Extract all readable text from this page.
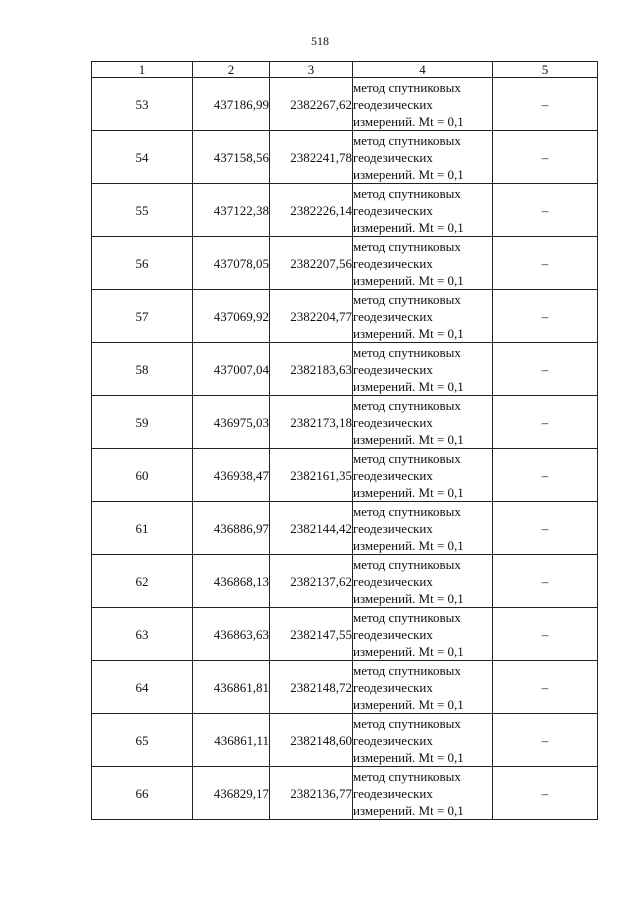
518
1	2	3	4	5
53	437186,99	2382267,62	метод спутниковых
геодезических
измерений. Mt = 0,1	–
54	437158,56	2382241,78	метод спутниковых
геодезических
измерений. Mt = 0,1	–
55	437122,38	2382226,14	метод спутниковых
геодезических
измерений. Mt = 0,1	–
56	437078,05	2382207,56	метод спутниковых
геодезических
измерений. Mt = 0,1	–
57	437069,92	2382204,77	метод спутниковых
геодезических
измерений. Mt = 0,1	–
58	437007,04	2382183,63	метод спутниковых
геодезических
измерений. Mt = 0,1	–
59	436975,03	2382173,18	метод спутниковых
геодезических
измерений. Mt = 0,1	–
60	436938,47	2382161,35	метод спутниковых
геодезических
измерений. Mt = 0,1	–
61	436886,97	2382144,42	метод спутниковых
геодезических
измерений. Mt = 0,1	–
62	436868,13	2382137,62	метод спутниковых
геодезических
измерений. Mt = 0,1	–
63	436863,63	2382147,55	метод спутниковых
геодезических
измерений. Mt = 0,1	–
64	436861,81	2382148,72	метод спутниковых
геодезических
измерений. Mt = 0,1	–
65	436861,11	2382148,60	метод спутниковых
геодезических
измерений. Mt = 0,1	–
66	436829,17	2382136,77	метод спутниковых
геодезических
измерений. Mt = 0,1	–
